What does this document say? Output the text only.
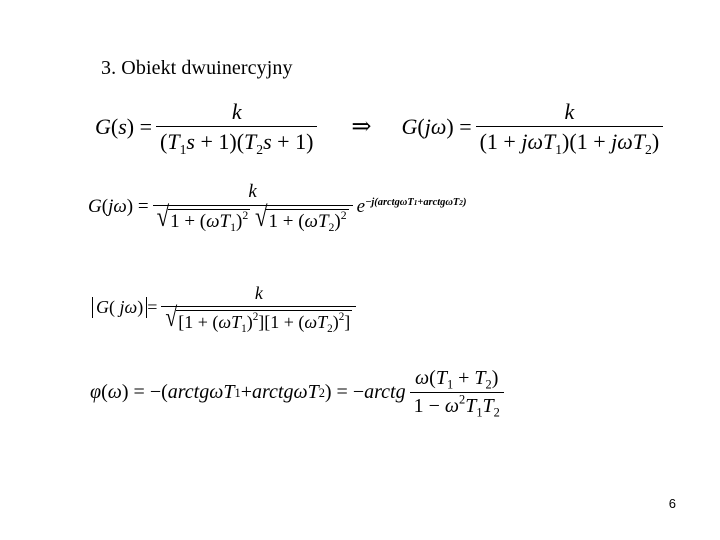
3. Obiekt dwuinercyjny
G ( s ) = $\frac{k}{(T_1s + 1)(T_2s + 1)}$ ⇒ G ( jω ) = $\frac{k}{(1 + j\omega T_1)(1 + j\omega T_2)}$
G ( jω ) = k
√ $1 + (\omega T_1)^2$
√ $1 + (\omega T_2)^2$ $e^{-j(arctg\omega T1+arctg\omega T2)}$
G( $j\omega) = \frac{k}{√ [1 + (\omega T_1)^2][1 + (\omega T_2)^2]}$
φ ( ω ) = −( arctgωT 1 + arctgωT 2 ) = − arctg $\frac{\omega(T_1 + T_2)}{1 - \omega^2T_1T_2}$
6
